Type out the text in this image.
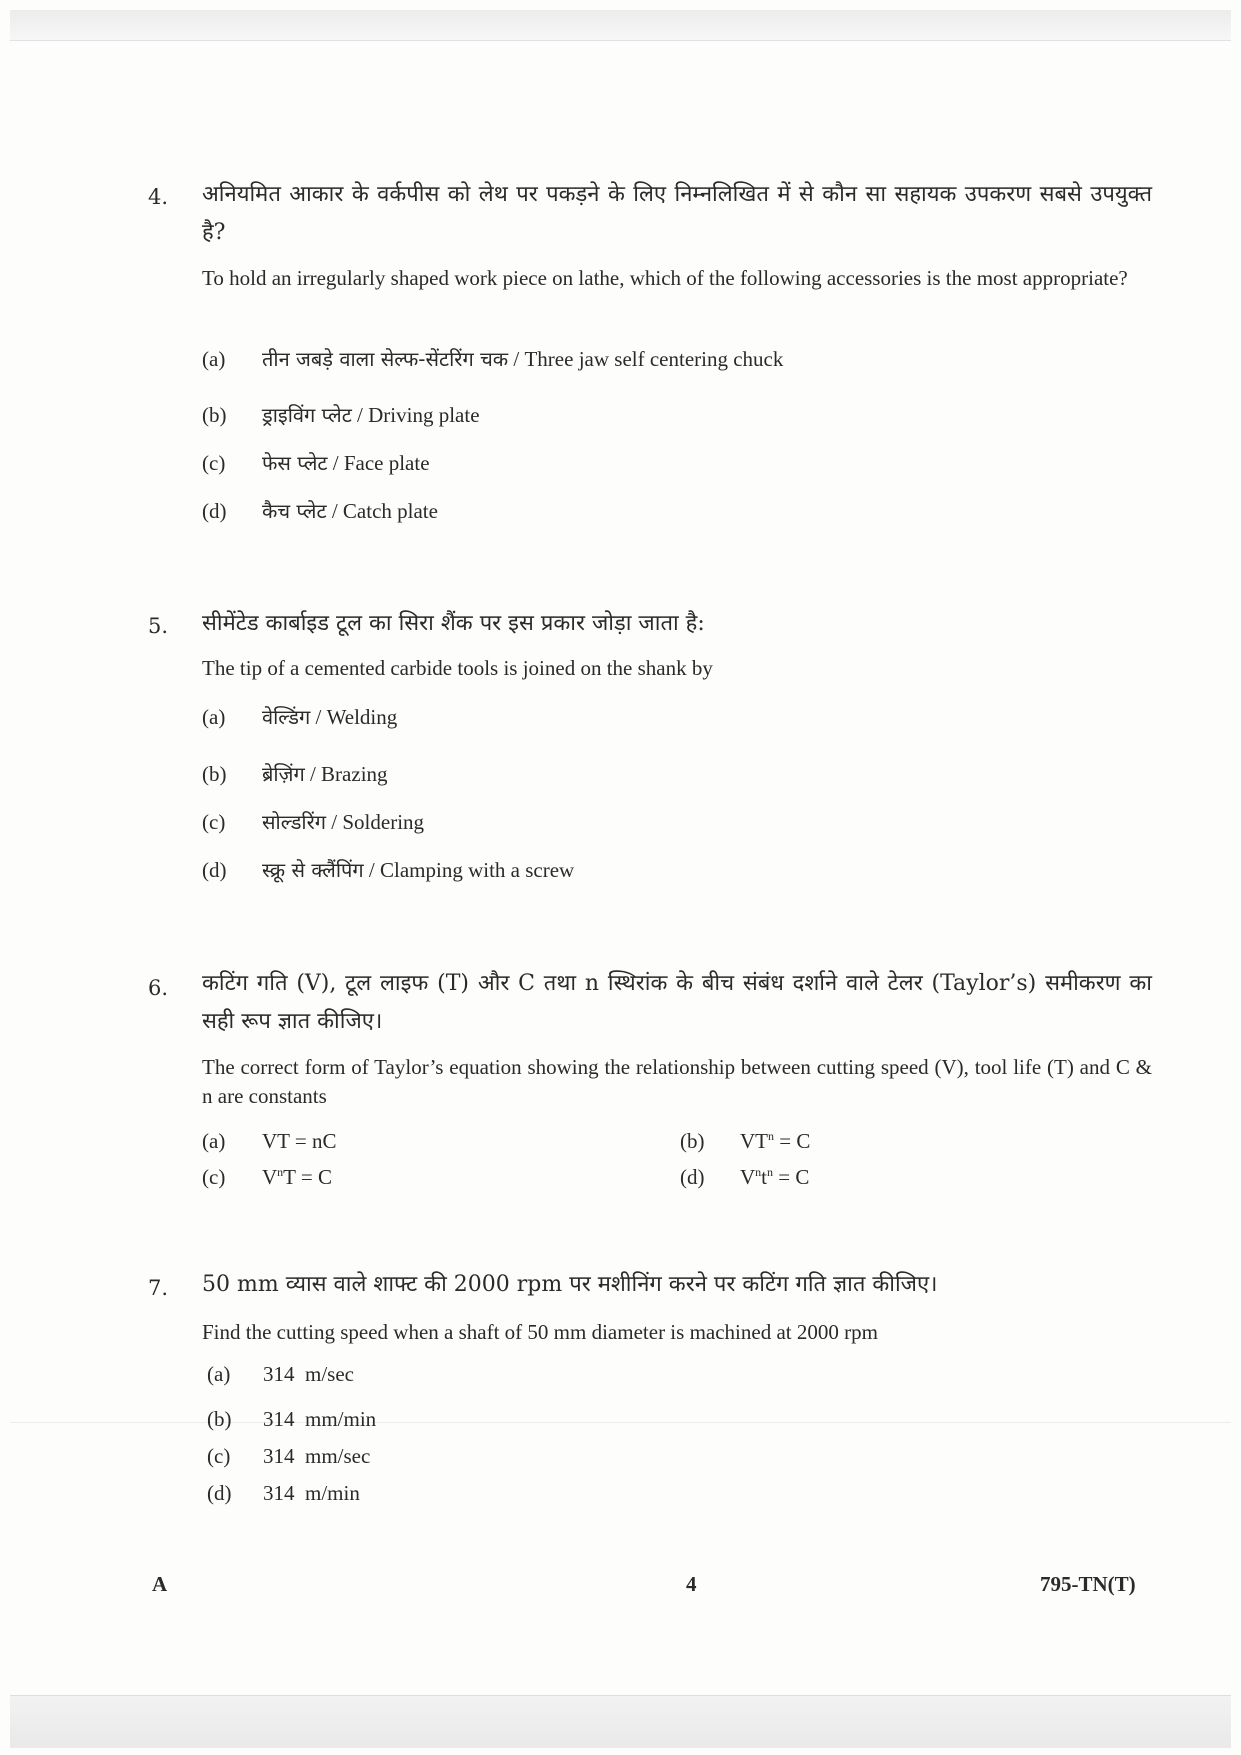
4. अनियमित आकार के वर्कपीस को लेथ पर पकड़ने के लिए निम्नलिखित में से कौन सा सहायक उपकरण सबसे उपयुक्त है?
To hold an irregularly shaped work piece on lathe, which of the following accessories is the most appropriate?
(a) तीन जबड़े वाला सेल्फ-सेंटरिंग चक / Three jaw self centering chuck
(b) ड्राइविंग प्लेट / Driving plate
(c) फेस प्लेट / Face plate
(d) कैच प्लेट / Catch plate
5. सीमेंटेड कार्बाइड टूल का सिरा शैंक पर इस प्रकार जोड़ा जाता है:
The tip of a cemented carbide tools is joined on the shank by
(a) वेल्डिंग / Welding
(b) ब्रेज़िंग / Brazing
(c) सोल्डरिंग / Soldering
(d) स्क्रू से क्लैंपिंग / Clamping with a screw
6. कटिंग गति (V), टूल लाइफ (T) और C तथा n स्थिरांक के बीच संबंध दर्शाने वाले टेलर (Taylor’s) समीकरण का सही रूप ज्ञात कीजिए।
The correct form of Taylor’s equation showing the relationship between cutting speed (V), tool life (T) and C & n are constants
(a) VT = nC	(b) $VT^n = C$
(c) $V^nT = C$	(d) $V^nt^n = C$
7. 50 mm व्यास वाले शाफ्ट की 2000 rpm पर मशीनिंग करने पर कटिंग गति ज्ञात कीजिए।
Find the cutting speed when a shaft of 50 mm diameter is machined at 2000 rpm
(a) 314  m/sec
(b) 314  mm/min
(c) 314  mm/sec
(d) 314  m/min
A	4	795-TN(T)
